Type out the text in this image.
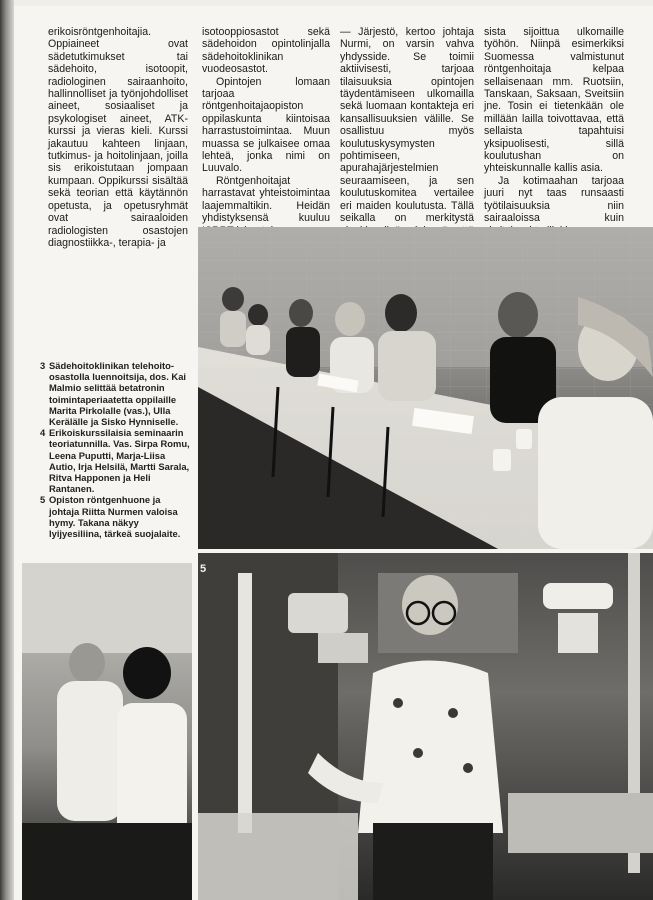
erikoisröntgenhoitajia. Oppiaineet ovat sädetutkimukset tai sädehoito, isotoopit, radiologinen sairaanhoito, hallinnolliset ja työnjohdolliset aineet, sosiaaliset ja psykologiset aineet, ATK-kurssi ja vieras kieli. Kurssi jakautuu kahteen linjaan, tutkimus- ja hoitolinjaan, joilla sis erikoistutaan jompaan kumpaan. Oppikurssi sisältää sekä teorian että käytännön opetusta, ja opetusryhmät ovat sairaaloiden radiologisten osastojen diagnostiikka-, terapia- ja

isotooppiosastot sekä sädehoidon opintolinjalla sädehoitoklinikan vuodeosastot.

Opintojen lomaan tarjoaa röntgenhoitajaopiston oppilaskunta kiintoisaa harrastustoimintaa. Muun muassa se julkaisee omaa lehteä, jonka nimi on Luuvalo.

Röntgenhoitajat harrastavat yhteistoimintaa laajemmaltikin. Heidän yhdistyksensä kuuluu

— Järjestö, kertoo johtaja Nurmi, on varsin vahva yhdysside. Se toimii aktiivisesti, tarjoaa tilaisuuksia opintojen täydentämiseen ulkomailla sekä luomaan kontakteja eri kansallisuuksien välille. Se osallistuu myös koulutuskysymysten pohtimiseen, apurahajärjestelmien seuraamiseen, ja sen koulutuskomitea vertailee eri maiden koulutusta. Tällä seikalla on merkitystä

sista sijoittua ulkomaille työhön. Niinpä esimerkiksi Suomessa valmistunut röntgenhoitaja kelpaa sellaisenaan mm. Ruotsiin, Tanskaan, Saksaan, Sveitsiin jne. Tosin ei tietenkään ole millään lailla toivottavaa, että sellaista tapahtuisi yksipuolisesti, sillä koulutushan on yhteiskunnalle kallis asia.

Ja kotimaahan tarjoaa juuri nyt taas runsaasti työtilaisuuksia niin sairaaloissa kuin

3 Sädehoitoklinikan telehoito-osastolla luennoitsija, dos. Kai Malmio selittää betatronin toimintaperiaatetta oppilaille Marita Pirkolalle (vas.), Ulla Kerälälle ja Sisko Hynniselle.
4 Erikoiskurssilaisia seminaarin teoriatunnilla. Vas. Sirpa Romu, Leena Puputti, Marja-Liisa Autio, Irja Helsilä, Martti Sarala, Ritva Happonen ja Heli Rantanen.
5 Opiston röntgenhuone ja johtaja Riitta Nurmen valoisa hymy. Takana näkyy lyijyesiliina, tärkeä suojalaite.
5
